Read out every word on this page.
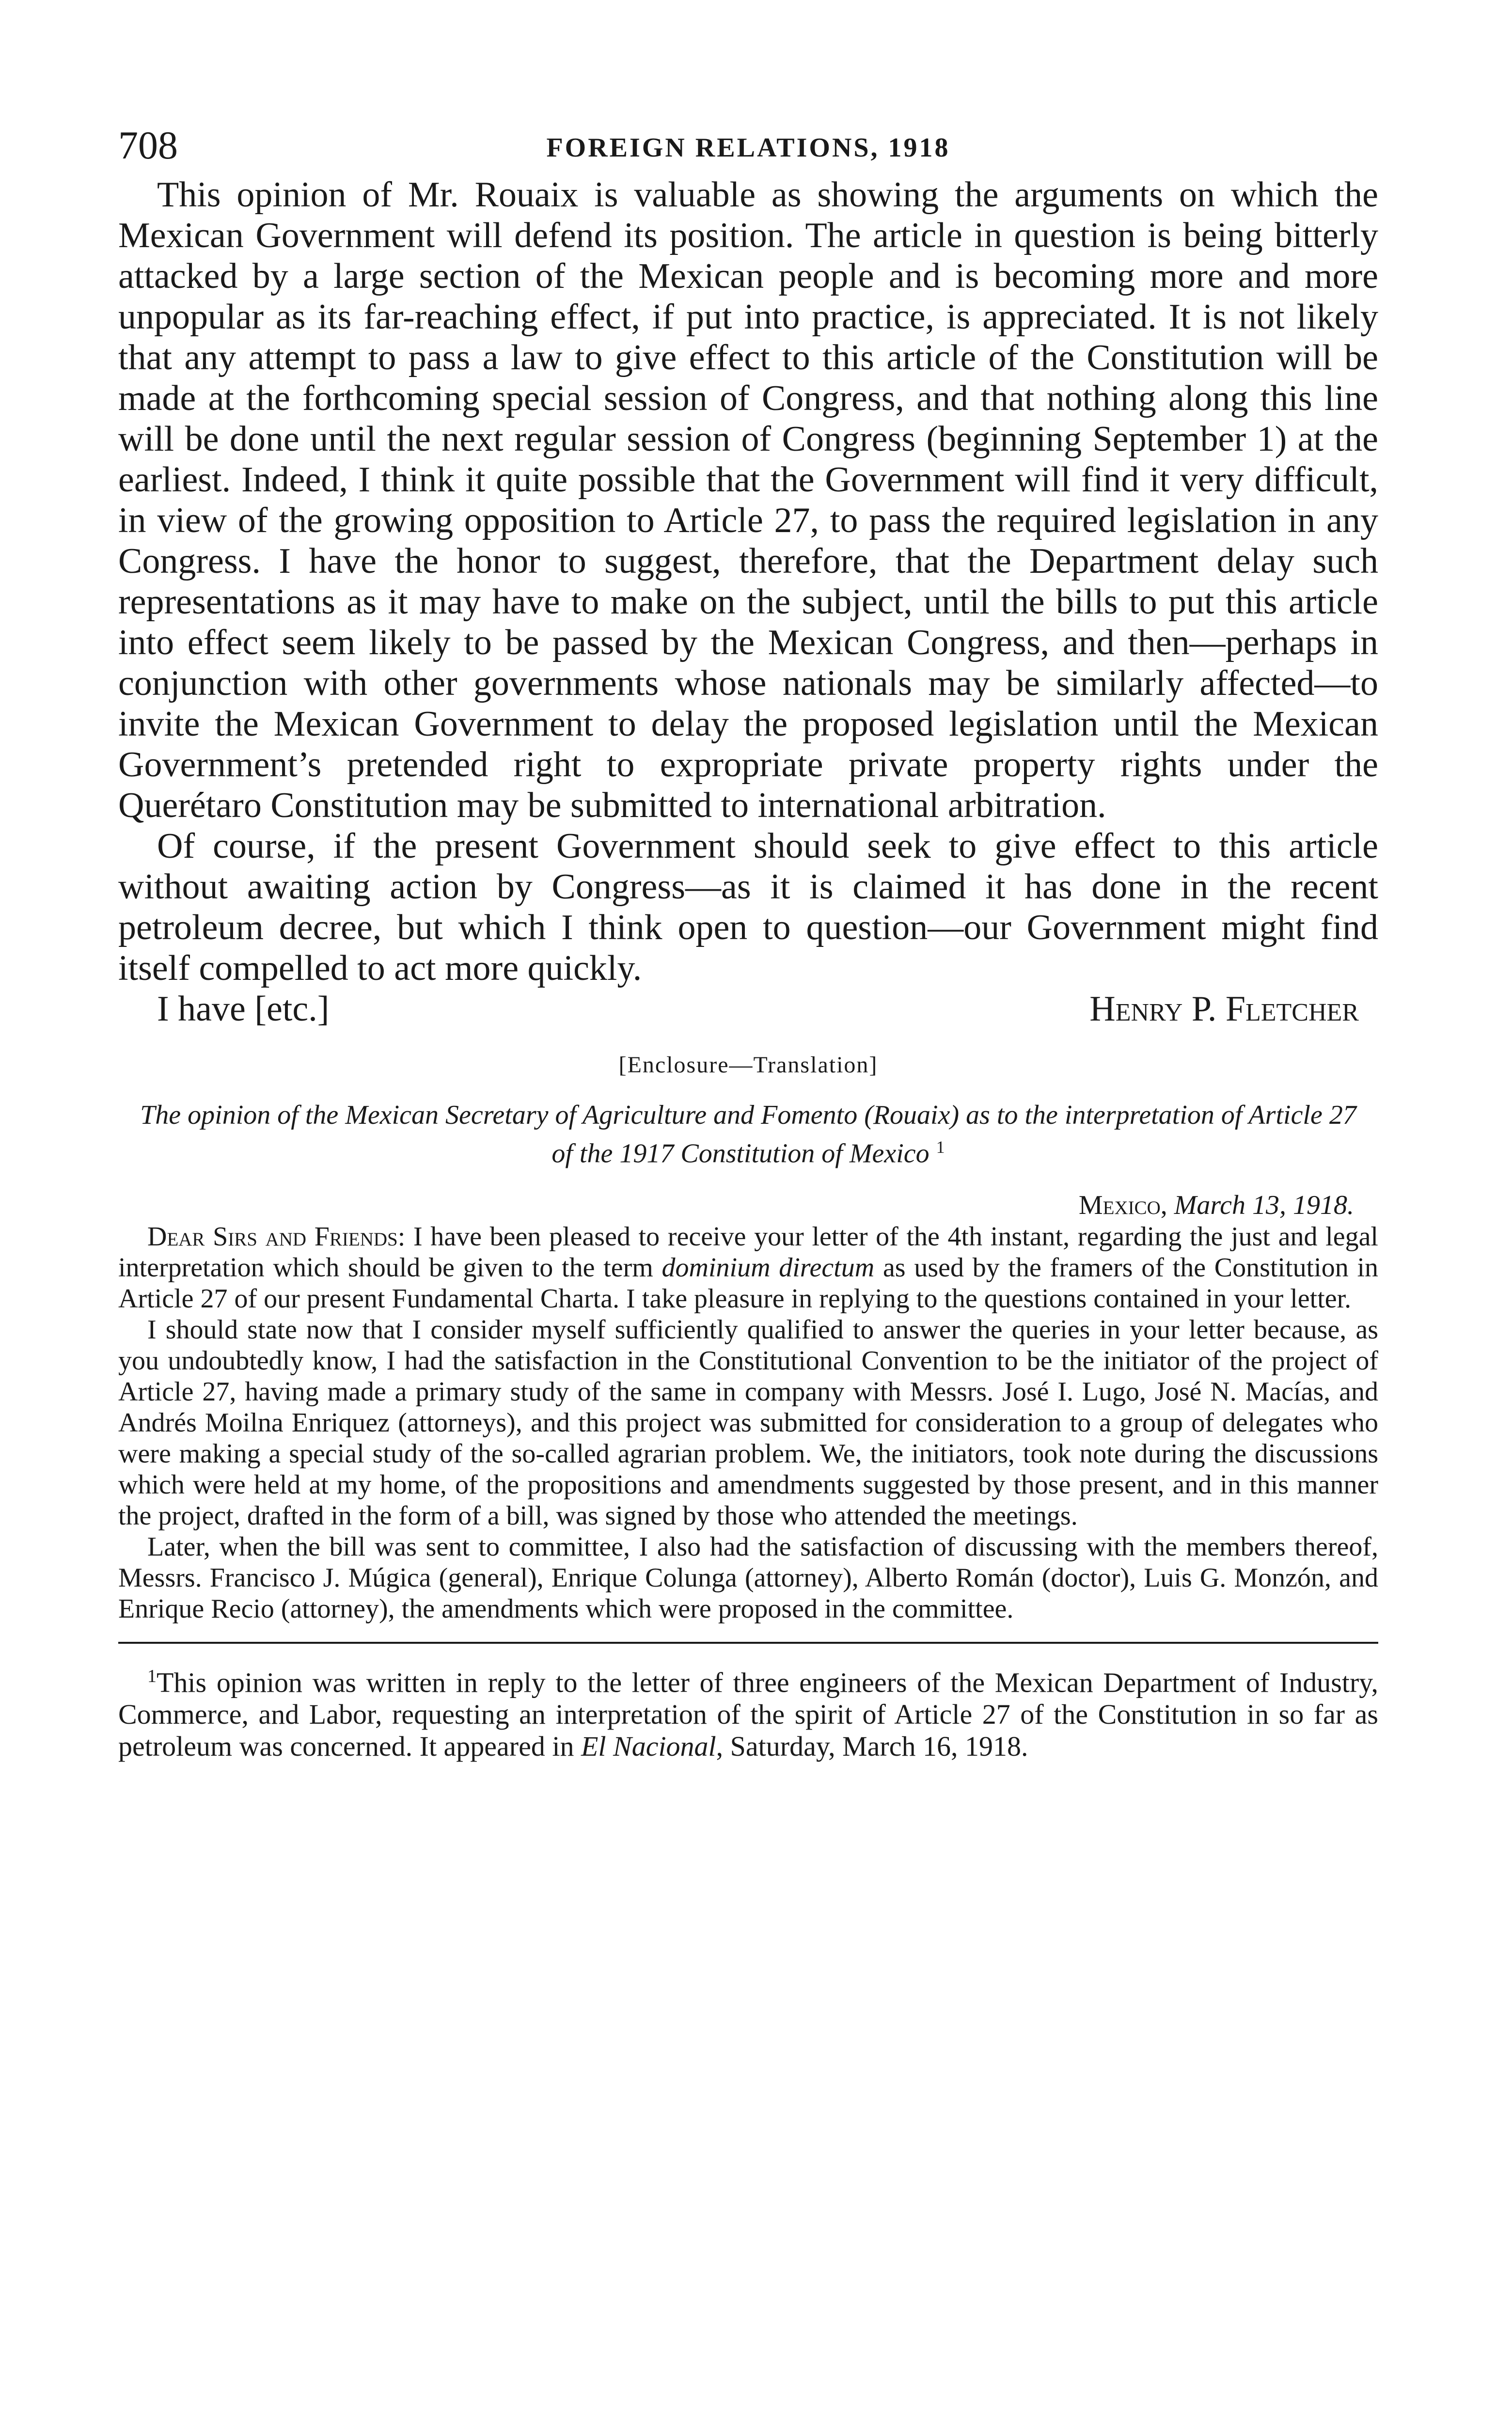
708	FOREIGN RELATIONS, 1918

This opinion of Mr. Rouaix is valuable as showing the arguments on which the Mexican Government will defend its position. The article in question is being bitterly attacked by a large section of the Mexican people and is becoming more and more unpopular as its far-reaching effect, if put into practice, is appreciated. It is not likely that any attempt to pass a law to give effect to this article of the Constitution will be made at the forthcoming special session of Congress, and that nothing along this line will be done until the next regular session of Congress (beginning September 1) at the earliest. Indeed, I think it quite possible that the Government will find it very difficult, in view of the growing opposition to Article 27, to pass the required legislation in any Congress. I have the honor to suggest, therefore, that the Department delay such representations as it may have to make on the subject, until the bills to put this article into effect seem likely to be passed by the Mexican Congress, and then—perhaps in conjunction with other governments whose nationals may be similarly affected—to invite the Mexican Government to delay the proposed legislation until the Mexican Government’s pretended right to expropriate private property rights under the Querétaro Constitution may be submitted to international arbitration.

Of course, if the present Government should seek to give effect to this article without awaiting action by Congress—as it is claimed it has done in the recent petroleum decree, but which I think open to question—our Government might find itself compelled to act more quickly.

I have [etc.]	Henry P. Fletcher
[Enclosure—Translation]
The opinion of the Mexican Secretary of Agriculture and Fomento (Rouaix) as to the interpretation of Article 27 of the 1917 Constitution of Mexico $^1$
Mexico, March 13, 1918.

Dear Sirs and Friends: I have been pleased to receive your letter of the 4th instant, regarding the just and legal interpretation which should be given to the term dominium directum as used by the framers of the Constitution in Article 27 of our present Fundamental Charta. I take pleasure in replying to the questions contained in your letter.

I should state now that I consider myself sufficiently qualified to answer the queries in your letter because, as you undoubtedly know, I had the satisfaction in the Constitutional Convention to be the initiator of the project of Article 27, having made a primary study of the same in company with Messrs. José I. Lugo, José N. Macías, and Andrés Moilna Enriquez (attorneys), and this project was submitted for consideration to a group of delegates who were making a special study of the so-called agrarian problem. We, the initiators, took note during the discussions which were held at my home, of the propositions and amendments suggested by those present, and in this manner the project, drafted in the form of a bill, was signed by those who attended the meetings.

Later, when the bill was sent to committee, I also had the satisfaction of discussing with the members thereof, Messrs. Francisco J. Múgica (general), Enrique Colunga (attorney), Alberto Román (doctor), Luis G. Monzón, and Enrique Recio (attorney), the amendments which were proposed in the committee.

$^1$This opinion was written in reply to the letter of three engineers of the Mexican Department of Industry, Commerce, and Labor, requesting an interpretation of the spirit of Article 27 of the Constitution in so far as petroleum was concerned. It appeared in El Nacional, Saturday, March 16, 1918.
